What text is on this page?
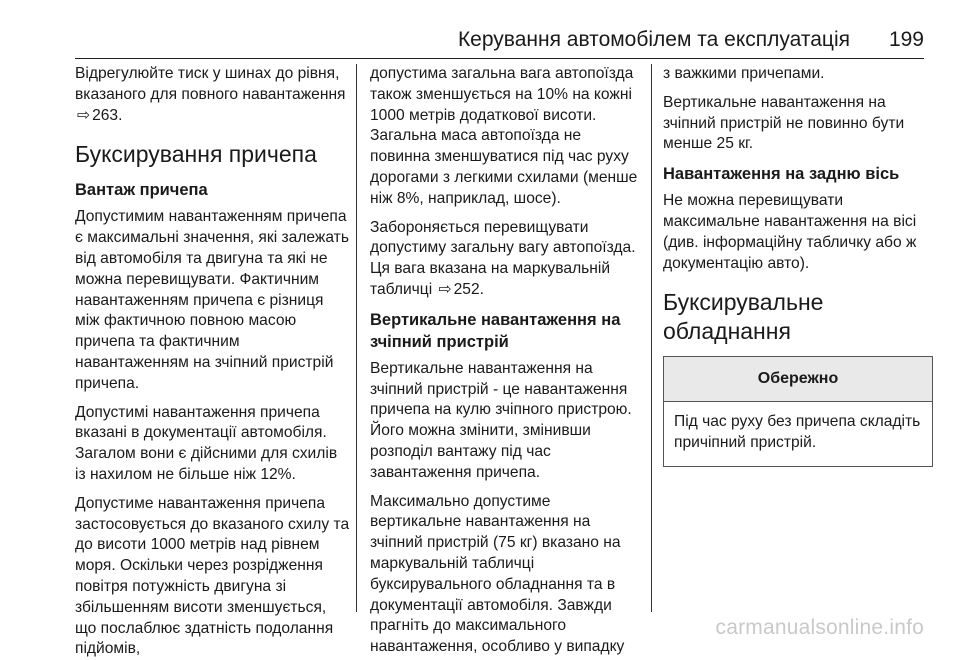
Керування автомобілем та експлуатація 199

Відрегулюйте тиск у шинах до рівня, вказаного для повного навантаження ⇨ 263.

Буксирування причепа
Вантаж причепа

Допустимим навантаженням причепа є максимальні значення, які залежать від автомобіля та двигуна та які не можна перевищувати. Фактичним навантаженням причепа є різниця між фактичною повною масою причепа та фактичним навантаженням на зчіпний пристрій причепа.

Допустимі навантаження причепа вказані в документації автомобіля. Загалом вони є дійсними для схилів із нахилом не більше ніж 12%.

Допустиме навантаження причепа застосовується до вказаного схилу та до висоти 1000 метрів над рівнем моря. Оскільки через розрідження повітря потужність двигуна зі збільшенням висоти зменшується, що послаблює здатність подолання підйомів,

допустима загальна вага автопоїзда також зменшується на 10% на кожні 1000 метрів додаткової висоти. Загальна маса автопоїзда не повинна зменшуватися під час руху дорогами з легкими схилами (менше ніж 8%, наприклад, шосе).

Забороняється перевищувати допустиму загальну вагу автопоїзда. Ця вага вказана на маркувальній табличці ⇨ 252.

Вертикальне навантаження на зчіпний пристрій

Вертикальне навантаження на зчіпний пристрій - це навантаження причепа на кулю зчіпного пристрою. Його можна змінити, змінивши розподіл вантажу під час завантаження причепа.

Максимально допустиме вертикальне навантаження на зчіпний пристрій (75 кг) вказано на маркувальній табличці буксирувального обладнання та в документації автомобіля. Завжди прагніть до максимального навантаження, особливо у випадку

з важкими причепами.

Вертикальне навантаження на зчіпний пристрій не повинно бути менше 25 кг.

Навантаження на задню вісь

Не можна перевищувати максимальне навантаження на вісі (див. інформаційну табличку або ж документацію авто).

Буксирувальне обладнання
Обережно
Під час руху без причепа складіть причіпний пристрій.
carmanualsonline.info
